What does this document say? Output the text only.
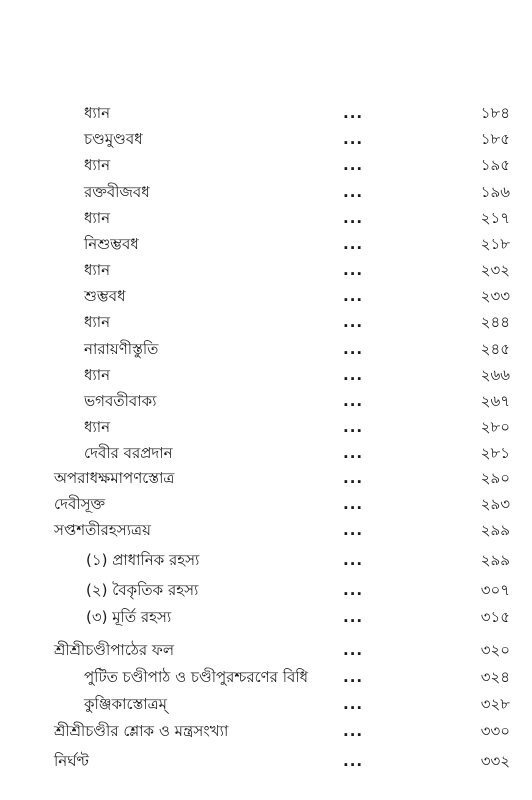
ধ্যান	...	১৮৪
চণ্ডমুণ্ডবধ	...	১৮৫
ধ্যান	...	১৯৫
রক্তবীজবধ	...	১৯৬
ধ্যান	...	২১৭
নিশুম্ভবধ	...	২১৮
ধ্যান	...	২৩২
শুম্ভবধ	...	২৩৩
ধ্যান	...	২৪৪
নারায়ণীস্তুতি	...	২৪৫
ধ্যান	...	২৬৬
ভগবতীবাক্য	...	২৬৭
ধ্যান	...	২৮০
দেবীর বরপ্রদান	...	২৮১
অপরাধক্ষমাপণস্তোত্র	...	২৯০
দেবীসূক্ত	...	২৯৩
সপ্তশতীরহস্যত্রয়	...	২৯৯
(১) প্রাধানিক রহস্য	...	২৯৯
(২) বৈকৃতিক রহস্য	...	৩০৭
(৩) মূর্তি রহস্য	...	৩১৫
শ্রীশ্রীচণ্ডীপাঠের ফল	...	৩২০
পুটিত চণ্ডীপাঠ ও চণ্ডীপুরশ্চরণের বিধি ...	৩২৪
কুঞ্জিকাস্তোত্রম্	...	৩২৮
শ্রীশ্রীচণ্ডীর শ্লোক ও মন্ত্রসংখ্যা	...	৩৩০
নির্ঘণ্ট	...	৩৩২
